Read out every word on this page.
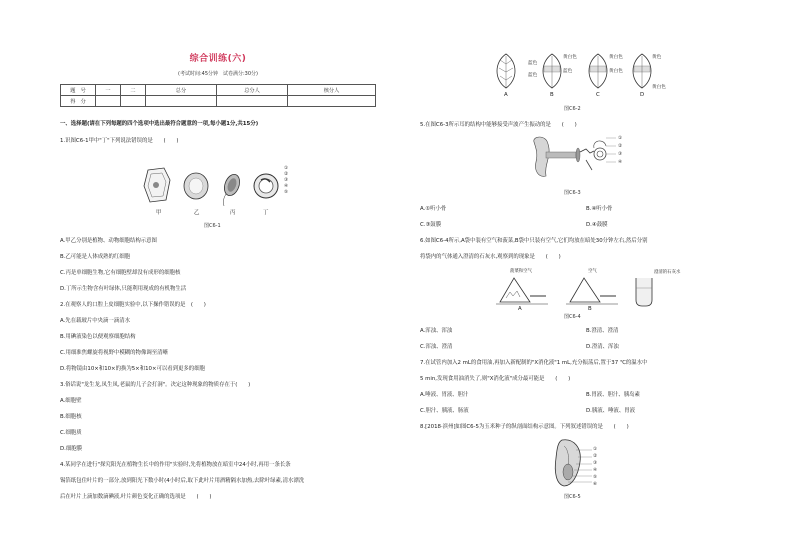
综合训练(六)
(考试时间:45分钟　试卷满分:30分)
题　号	一	二	总分	总分人	核分人
得　分					
一、选择题(请在下列每题的四个选项中选出最符合题意的一项,每小题1分,共15分)
1.识图C6-1甲中"丁"下列说法错误的是　　(　　)
甲	乙	丙	丁
①
②
③
④
⑤
图C6-1
A.甲乙分别是植物、动物细胞结构示意图
B.乙可能是人体成熟的红细胞
C.丙是单细胞生物,它有细胞壁却没有成形的细胞核
D.丁所示生物含有叶绿体,只能利用现成的有机物生活
2.在观察人的口腔上皮细胞实验中,以下操作错误的是　(　　)
A.先在载玻片中央滴一滴清水
B.用碘液染色以便观察细胞结构
C.用细准焦螺旋将视野中模糊的物像调至清晰
D.将物镜由10×和10×的换为5×和10×可以看到更多的细胞
3.俗话说"龙生龙,凤生凤,老鼠的儿子会打洞"。决定这种现象的物质存在于(　　)
A.细胞壁
B.细胞核
C.细胞质
D.细胞膜
4.某同学在进行"探究阳光在植物生长中的作用"实验时,先将植物放在暗室中24小时,再用一条长条
锡箔纸包住叶片的一部分,放到阳光下数小时(4小时后,取下此叶片用酒精隔水加热,去除叶绿素,清水漂洗
后在叶片上滴加数滴碘液,叶片颜色变化正确的选项是　　(　　)
蓝色
蓝色
黄白色
蓝色
黄白色
黄白色
黄色
黄白色
A	B	C	D
图C6-2
5.在图C6-3所示耳的结构中能够接受声波产生振动的是　　(　　)
①
②
③
④
图C6-3
A.①听小骨	B.④听小骨
C.③鼓膜	D.④鼓膜
6.如图C6-4所示,A袋中装有空气和菠菜,B袋中只装有空气,它们均放在暗处30分钟左右,然后分别
将袋内的气体通入澄清的石灰水,观察到的现象是　　(　　)
菠菜和空气	空气	澄清的石灰水
A	B
图C6-4
A.浑浊、浑浊	B.澄清、澄清
C.浑浊、澄清	D.澄清、浑浊
7.在试管内加入2 mL的食用油,再加入新配制的"X消化液"1 mL,充分振荡后,置于37 ℃的温水中
5 min,发现食用油消失了,则"X消化液"成分最可能是　　(　　)
A.唾液、胃液、胆汁	B.胃液、胆汁、胰岛素
C.胆汁、胰液、肠液	D.胰液、唾液、胃液
8.[2018·滨州]如图C6-5为玉米种子的纵剖面结构示意图。下列叙述错误的是　　(　　)
①
②
③
④
⑤
⑥
图C6-5
